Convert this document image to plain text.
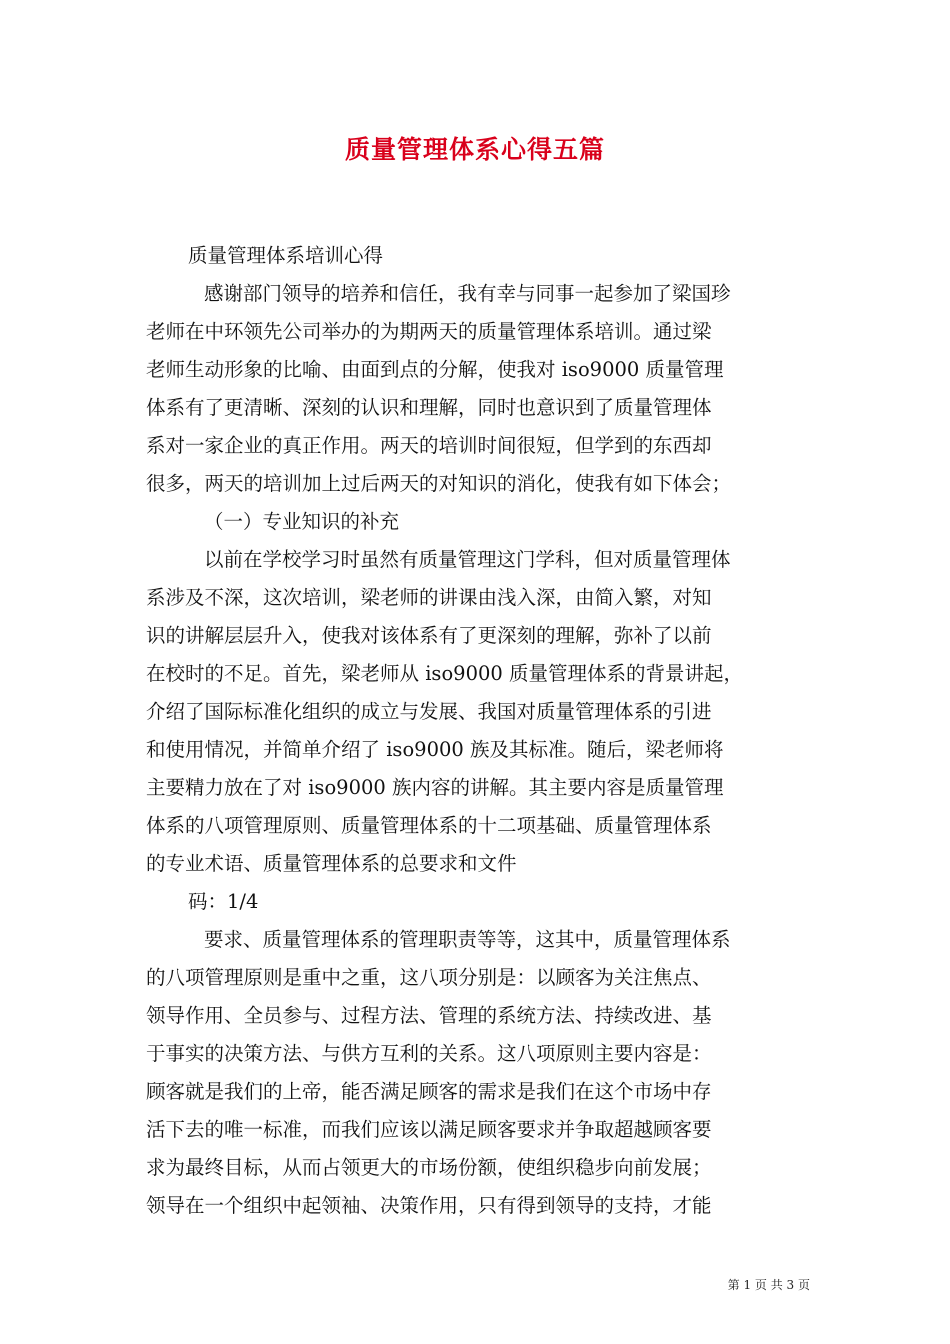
质量管理体系心得五篇
质量管理体系培训心得
感谢部门领导的培养和信任，我有幸与同事一起参加了梁国珍
老师在中环领先公司举办的为期两天的质量管理体系培训。通过梁
老师生动形象的比喻、由面到点的分解，使我对 iso9000 质量管理
体系有了更清晰、深刻的认识和理解，同时也意识到了质量管理体
系对一家企业的真正作用。两天的培训时间很短，但学到的东西却
很多，两天的培训加上过后两天的对知识的消化，使我有如下体会；
（一）专业知识的补充
以前在学校学习时虽然有质量管理这门学科，但对质量管理体
系涉及不深，这次培训，梁老师的讲课由浅入深，由简入繁，对知
识的讲解层层升入，使我对该体系有了更深刻的理解，弥补了以前
在校时的不足。首先，梁老师从 iso9000 质量管理体系的背景讲起，
介绍了国际标准化组织的成立与发展、我国对质量管理体系的引进
和使用情况，并简单介绍了 iso9000 族及其标准。随后，梁老师将
主要精力放在了对 iso9000 族内容的讲解。其主要内容是质量管理
体系的八项管理原则、质量管理体系的十二项基础、质量管理体系
的专业术语、质量管理体系的总要求和文件
码：1/4
要求、质量管理体系的管理职责等等，这其中，质量管理体系
的八项管理原则是重中之重，这八项分别是：以顾客为关注焦点、
领导作用、全员参与、过程方法、管理的系统方法、持续改进、基
于事实的决策方法、与供方互利的关系。这八项原则主要内容是：
顾客就是我们的上帝，能否满足顾客的需求是我们在这个市场中存
活下去的唯一标准，而我们应该以满足顾客要求并争取超越顾客要
求为最终目标，从而占领更大的市场份额，使组织稳步向前发展；
领导在一个组织中起领袖、决策作用，只有得到领导的支持，才能
第 1 页 共 3 页
